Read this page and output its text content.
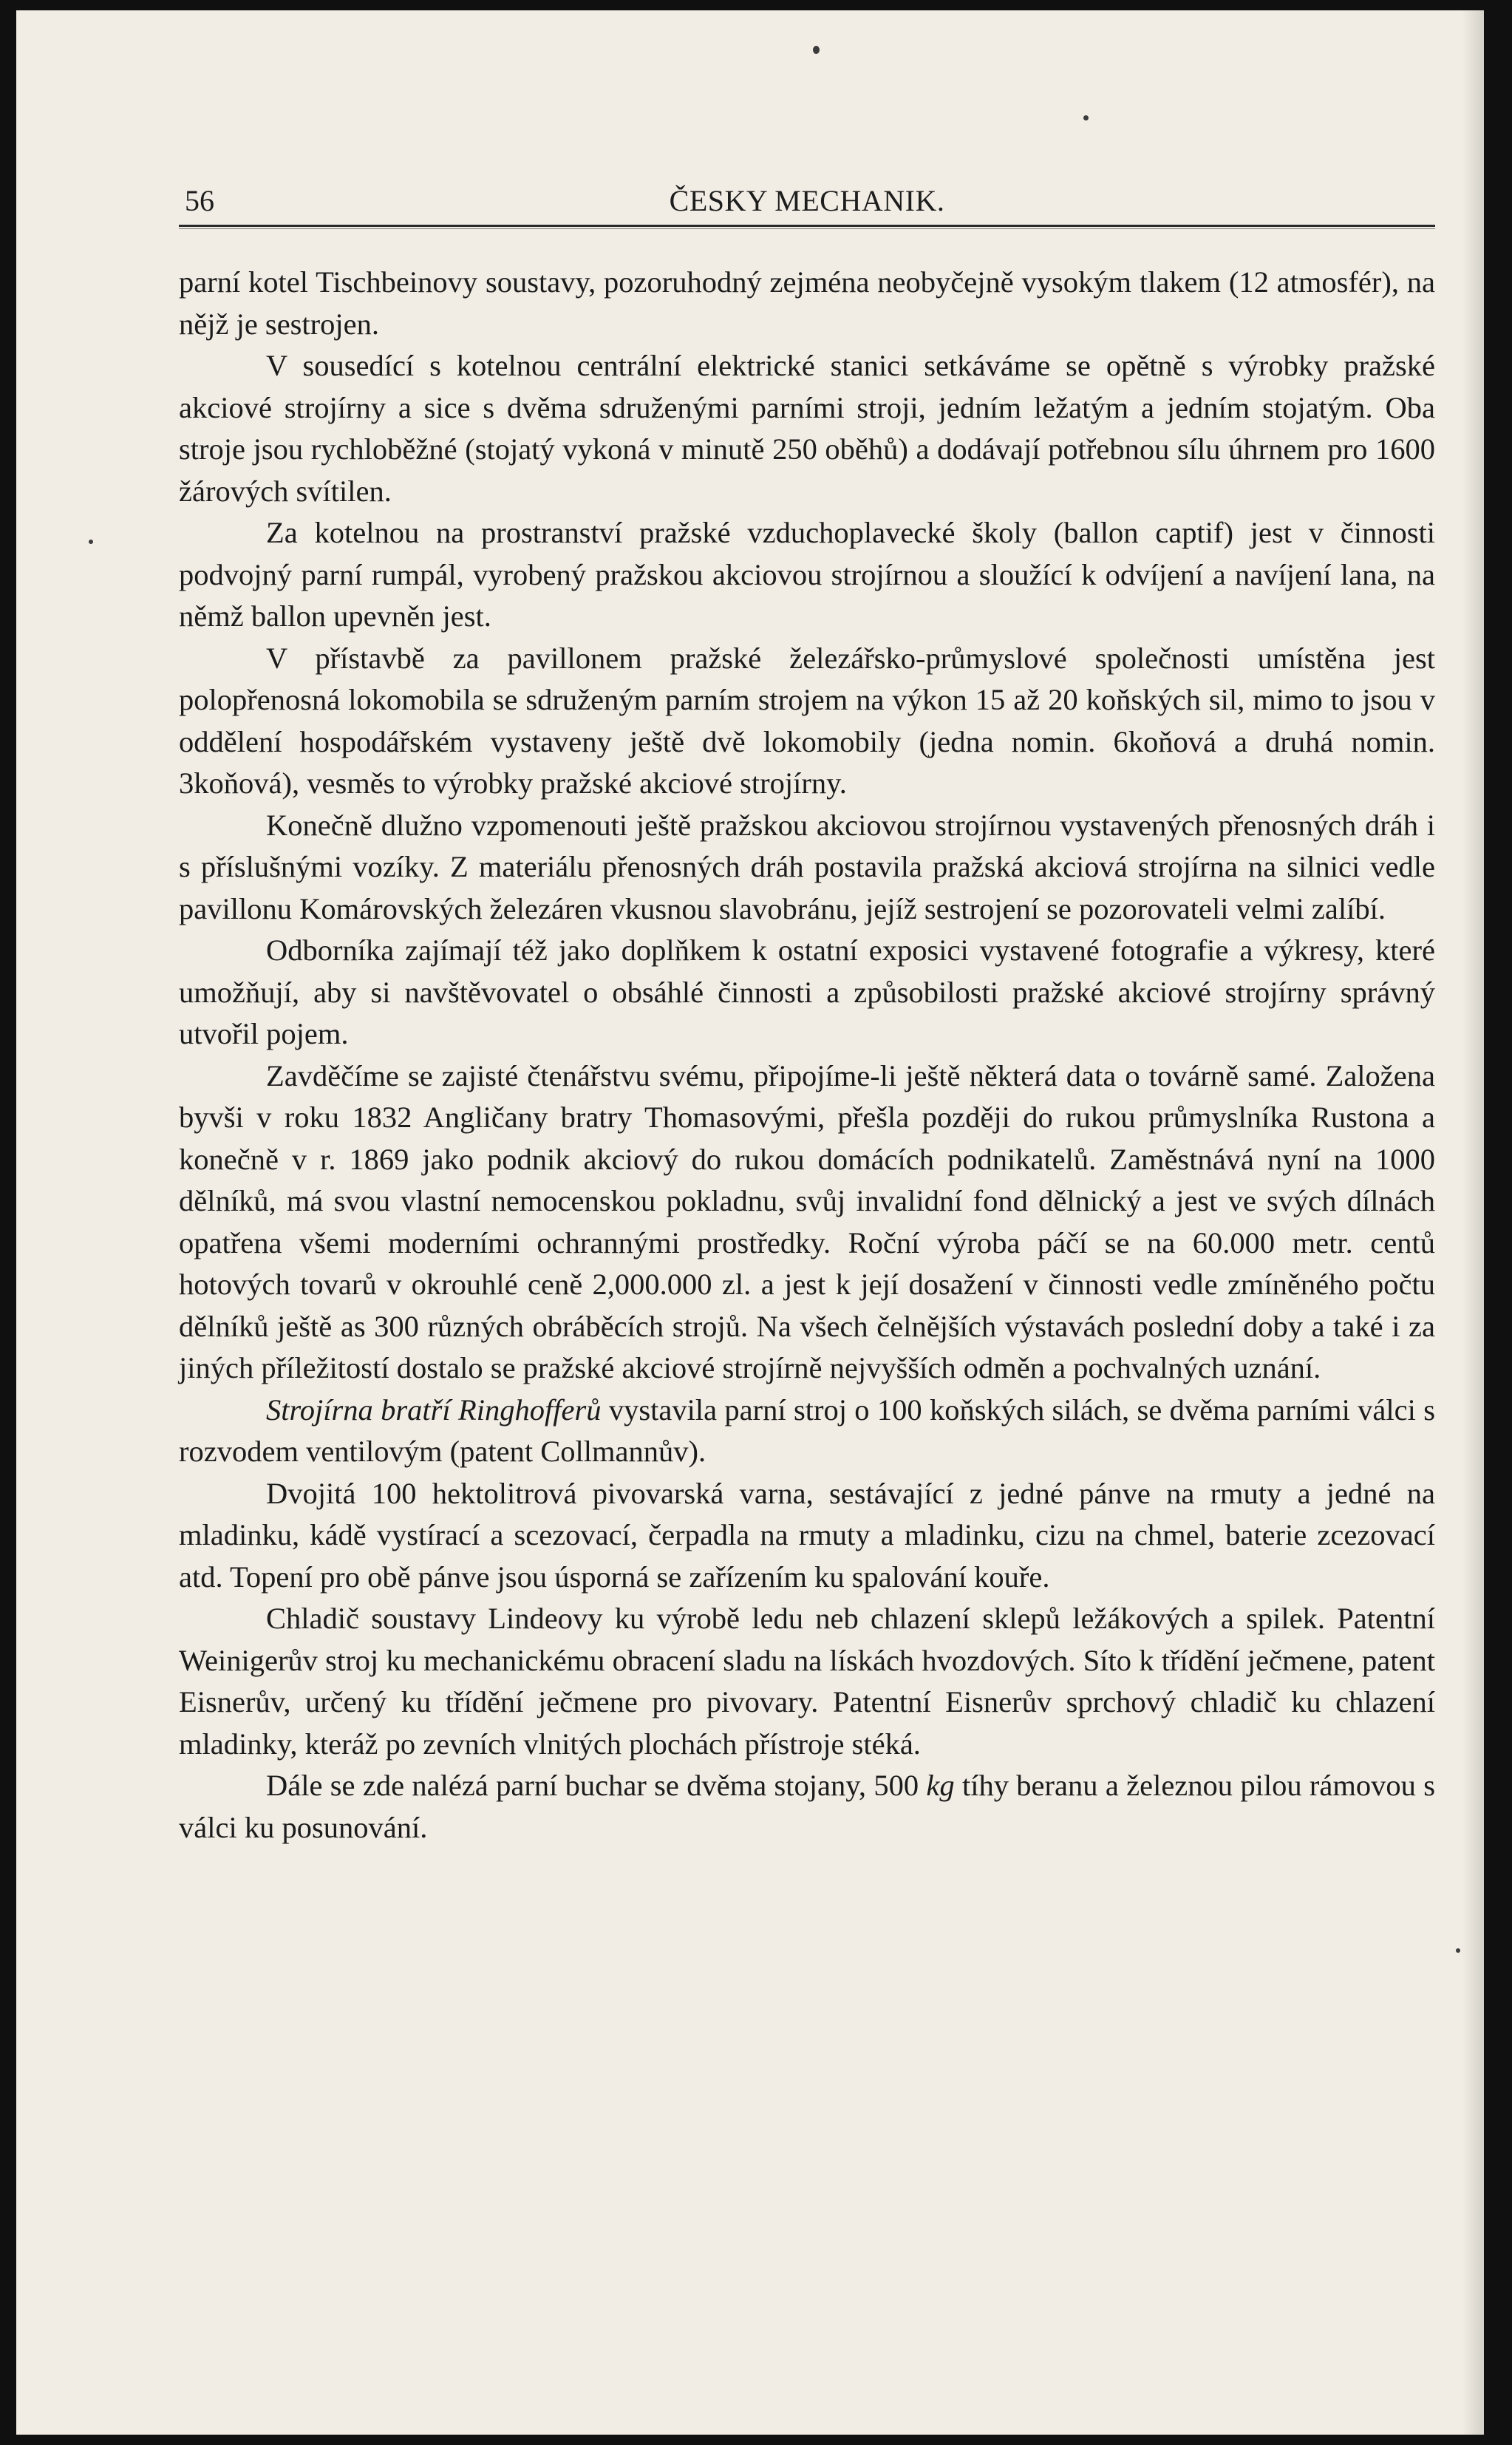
56	ČESKY MECHANIK.

parní kotel Tischbeinovy soustavy, pozoruhodný zejména neobyčejně vysokým tlakem (12 atmosfér), na nějž je sestrojen.

V sousedící s kotelnou centrální elektrické stanici setkáváme se opětně s výrobky pražské akciové strojírny a sice s dvěma sdruženými parními stroji, jedním ležatým a jedním stojatým. Oba stroje jsou rychloběžné (stojatý vykoná v minutě 250 oběhů) a dodávají potřebnou sílu úhrnem pro 1600 žárových svítilen.

Za kotelnou na prostranství pražské vzduchoplavecké školy (ballon captif) jest v činnosti podvojný parní rumpál, vyrobený pražskou akciovou strojírnou a sloužící k odvíjení a navíjení lana, na němž ballon upevněn jest.

V přístavbě za pavillonem pražské železářsko-průmyslové společnosti umístěna jest polopřenosná lokomobila se sdruženým parním strojem na výkon 15 až 20 koňských sil, mimo to jsou v oddělení hospodářském vystaveny ještě dvě lokomobily (jedna nomin. 6koňová a druhá nomin. 3koňová), vesměs to výrobky pražské akciové strojírny.

Konečně dlužno vzpomenouti ještě pražskou akciovou strojírnou vystavených přenosných dráh i s příslušnými vozíky. Z materiálu přenosných dráh postavila pražská akciová strojírna na silnici vedle pavillonu Komárovských železáren vkusnou slavobránu, jejíž sestrojení se pozorovateli velmi zalíbí.

Odborníka zajímají též jako doplňkem k ostatní exposici vystavené fotografie a výkresy, které umožňují, aby si navštěvovatel o obsáhlé činnosti a způsobilosti pražské akciové strojírny správný utvořil pojem.

Zavděčíme se zajisté čtenářstvu svému, připojíme-li ještě některá data o továrně samé. Založena byvši v roku 1832 Angličany bratry Thomasovými, přešla později do rukou průmyslníka Rustona a konečně v r. 1869 jako podnik akciový do rukou domácích podnikatelů. Zaměstnává nyní na 1000 dělníků, má svou vlastní nemocenskou pokladnu, svůj invalidní fond dělnický a jest ve svých dílnách opatřena všemi moderními ochrannými prostředky. Roční výroba páčí se na 60.000 metr. centů hotových tovarů v okrouhlé ceně 2,000.000 zl. a jest k její dosažení v činnosti vedle zmíněného počtu dělníků ještě as 300 různých obráběcích strojů. Na všech čelnějších výstavách poslední doby a také i za jiných příležitostí dostalo se pražské akciové strojírně nejvyšších odměn a pochvalných uznání.

Strojírna bratří Ringhofferů vystavila parní stroj o 100 koňských silách, se dvěma parními válci s rozvodem ventilovým (patent Collmannův).

Dvojitá 100 hektolitrová pivovarská varna, sestávající z jedné pánve na rmuty a jedné na mladinku, kádě vystírací a scezovací, čerpadla na rmuty a mladinku, cizu na chmel, baterie zcezovací atd. Topení pro obě pánve jsou úsporná se zařízením ku spalování kouře.

Chladič soustavy Lindeovy ku výrobě ledu neb chlazení sklepů ležákových a spilek. Patentní Weinigerův stroj ku mechanickému obracení sladu na lískách hvozdových. Síto k třídění ječmene, patent Eisnerův, určený ku třídění ječmene pro pivovary. Patentní Eisnerův sprchový chladič ku chlazení mladinky, kteráž po zevních vlnitých plochách přístroje stéká.

Dále se zde nalézá parní buchar se dvěma stojany, 500 kg tíhy beranu a železnou pilou rámovou s válci ku posunování.
